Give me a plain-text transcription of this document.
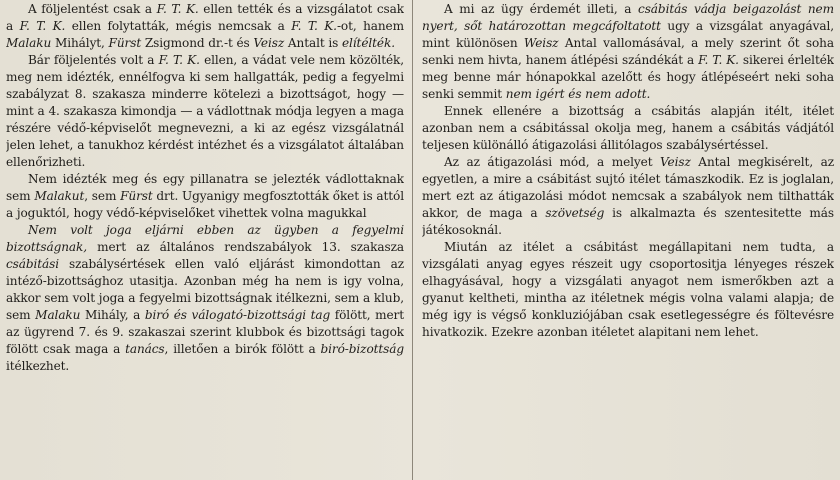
A följelentést csak a F. T. K. ellen tették és a vizsgálatot csak a F. T. K. ellen folytatták, mégis nemcsak a F. T. K.-ot, hanem Malaku Mihályt, Fürst Zsigmond dr.-t és Veisz Antalt is elítélték.

Bár följelentés volt a F. T. K. ellen, a vádat vele nem közölték, meg nem idézték, ennélfogva ki sem hallgatták, pedig a fegyelmi szabályzat 8. szakasza minderre kötelezi a bizottságot, hogy — mint a 4. szakasza kimondja — a vádlottnak módja legyen a maga részére védő-képviselőt megnevezni, a ki az egész vizsgálatnál jelen lehet, a tanukhoz kérdést intézhet és a vizsgálatot általában ellenőrizheti.

Nem idézték meg és egy pillanatra se jelezték vádlottaknak sem Malakut, sem Fürst drt. Ugyanigy megfosztották őket is attól a joguktól, hogy védő-képviselőket vihettek volna magukkal

Nem volt joga eljárni ebben az ügyben a fegyelmi bizottságnak, mert az általános rendszabályok 13. szakasza csábitási szabálysértések ellen való eljárást kimondottan az intéző-bizottsághoz utasitja. Azonban még ha nem is igy volna, akkor sem volt joga a fegyelmi bizottságnak itélkezni, sem a klub, sem Malaku Mihály, a biró és válogató-bizottsági tag fölött, mert az ügyrend 7. és 9. szakaszai szerint klubbok és bizottsági tagok fölött csak maga a tanács, illetően a birók fölött a biró-bizottság itélkezhet.

A mi az ügy érdemét illeti, a csábitás vádja beigazolást nem nyert, sőt határozottan megcáfoltatott ugy a vizsgálat anyagával, mint különösen Weisz Antal vallomásával, a mely szerint őt soha senki nem hivta, hanem átlépési szándékát a F. T. K. sikerei érlelték meg benne már hónapokkal azelőtt és hogy átlépéseért neki soha senki semmit nem igért és nem adott.

Ennek ellenére a bizottság a csábitás alapján itélt, itélet azonban nem a csábitással okolja meg, hanem a csábitás vádjától teljesen különálló átigazolási állitólagos szabálysértéssel.

Az az átigazolási mód, a melyet Veisz Antal megkisérelt, az egyetlen, a mire a csábitást sujtó itélet támaszkodik. Ez is joglalan, mert ezt az átigazolási módot nemcsak a szabályok nem tilthatták akkor, de maga a szövetség is alkalmazta és szentesitette más játékosoknál.

Miután az itélet a csábitást megállapitani nem tudta, a vizsgálati anyag egyes részeit ugy csoportositja lényeges részek elhagyásával, hogy a vizsgálati anyagot nem ismerőkben azt a gyanut keltheti, mintha az itéletnek mégis volna valami alapja; de még igy is végső konkluziójában csak esetlegességre és föltevésre hivatkozik. Ezekre azonban itéletet alapitani nem lehet.
